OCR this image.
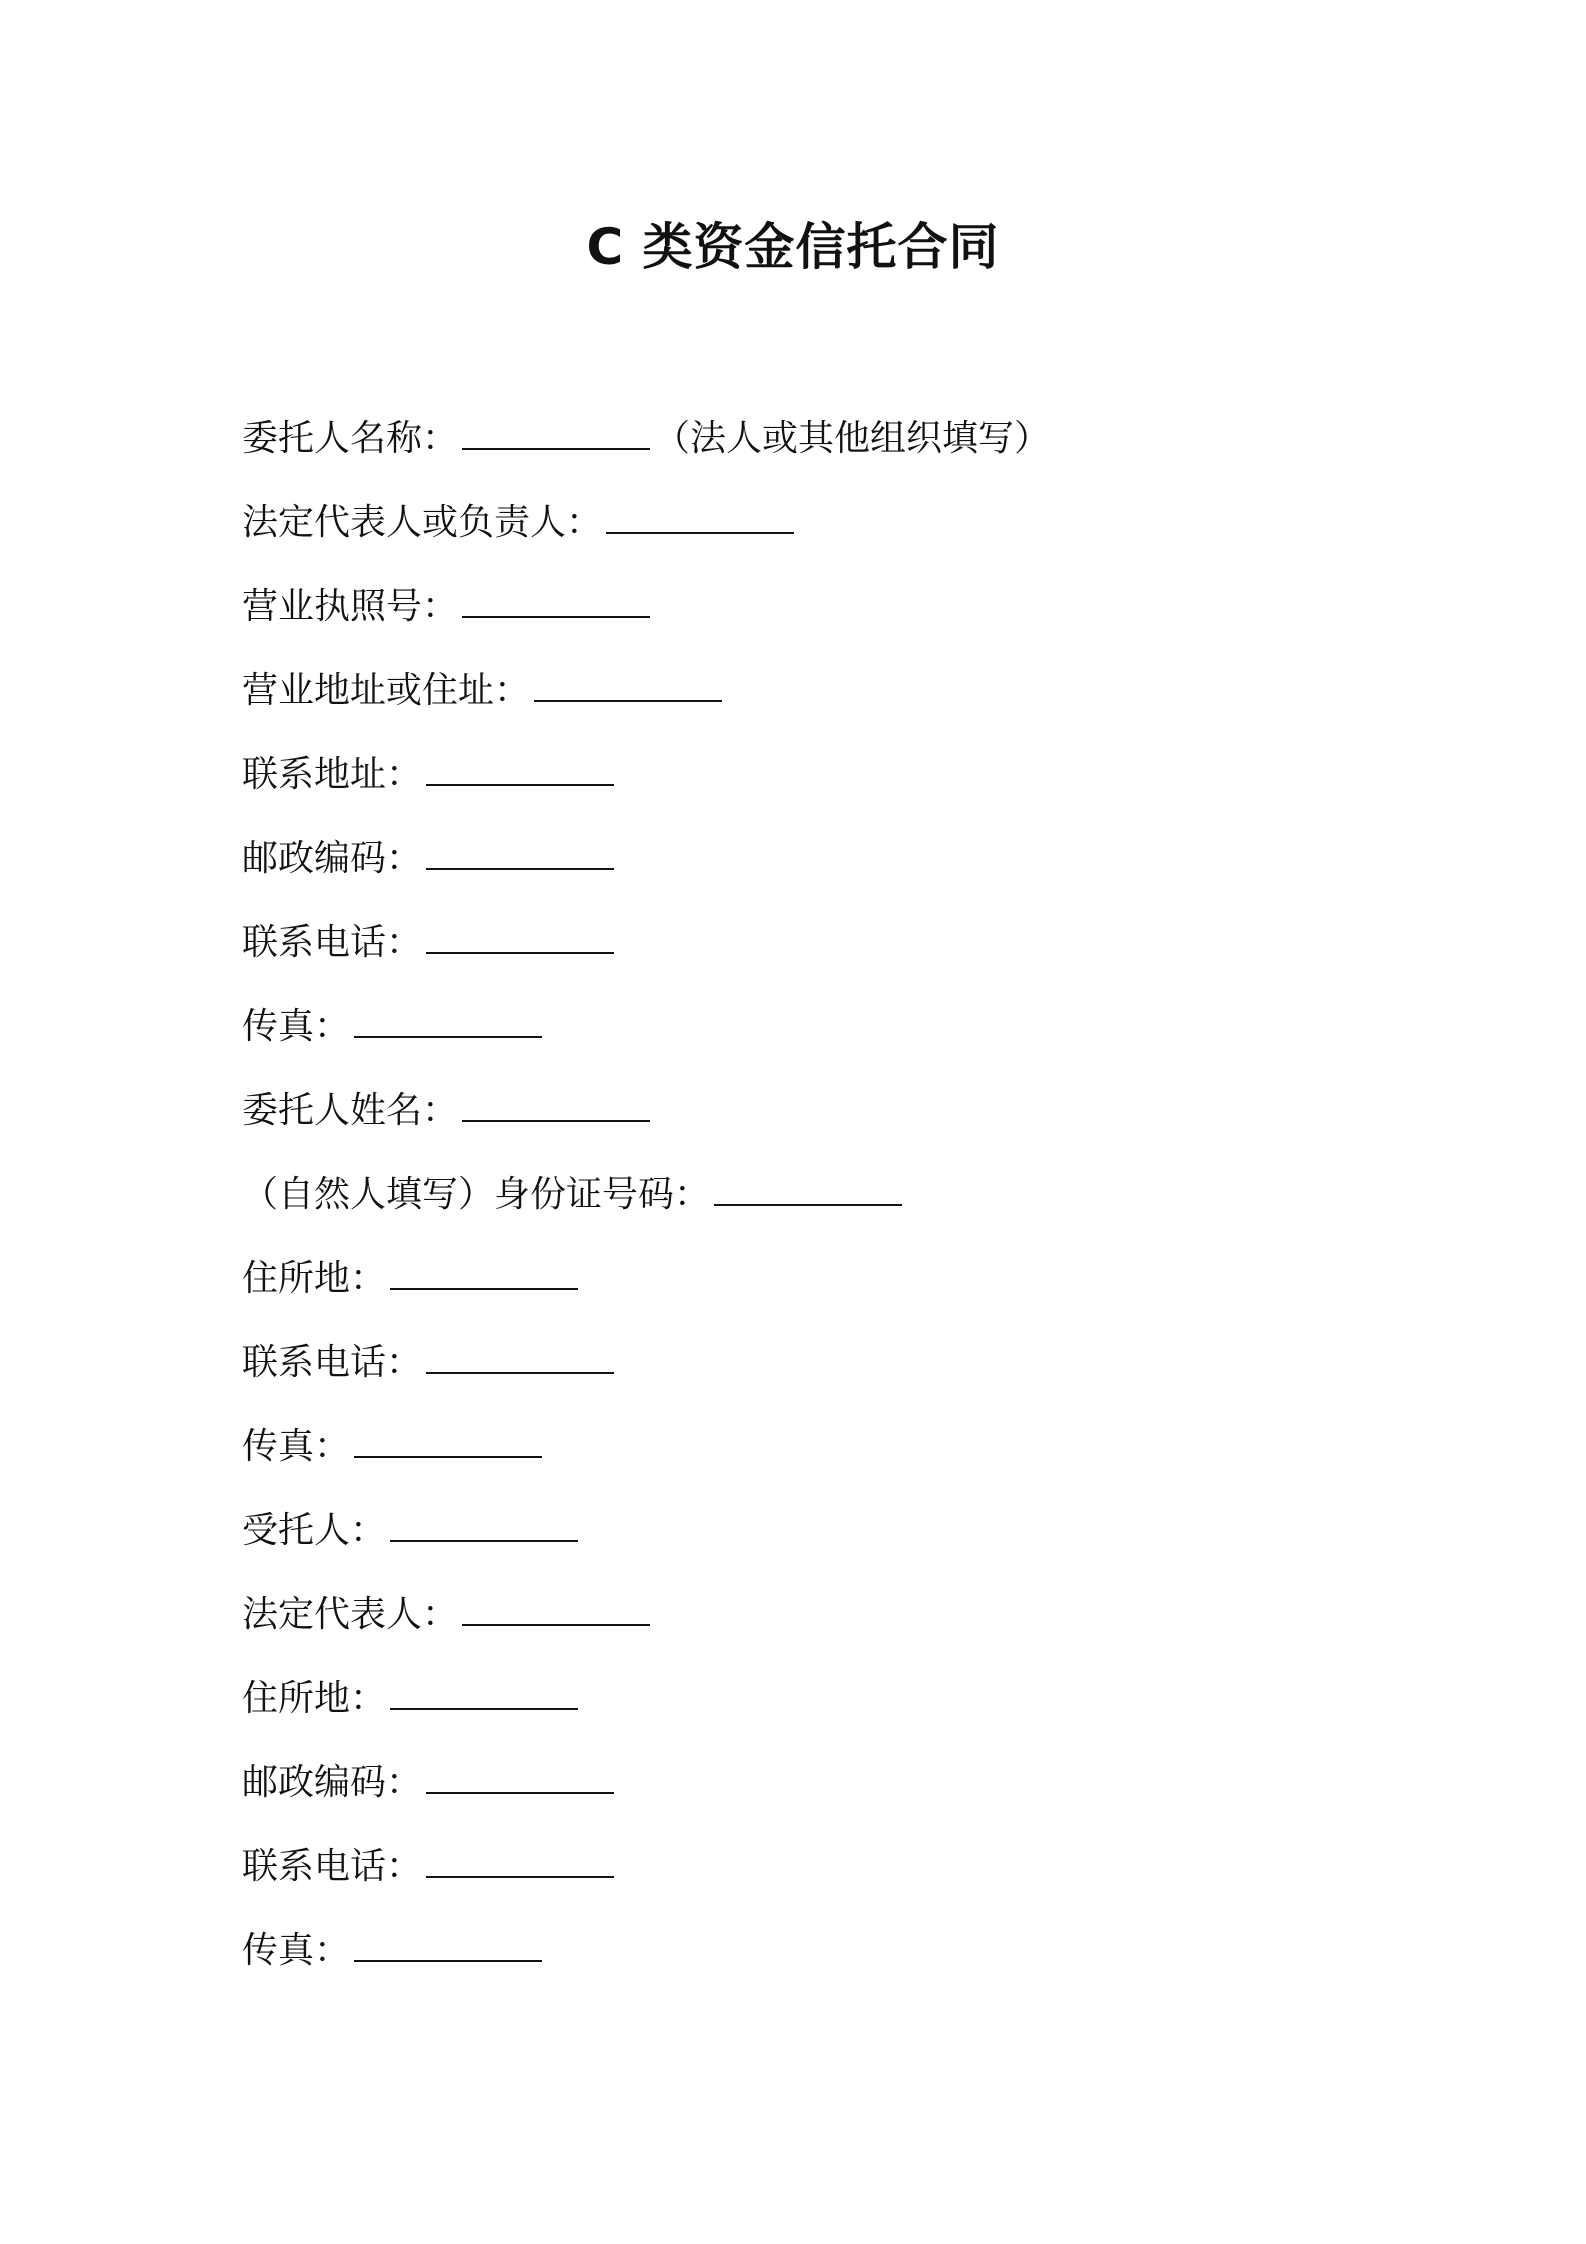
C 类资金信托合同
委托人名称：	（法人或其他组织填写）
法定代表人或负责人：
营业执照号：
营业地址或住址：
联系地址：
邮政编码：
联系电话：
传真：
委托人姓名：
（自然人填写）身份证号码：
住所地：
联系电话：
传真：
受托人：
法定代表人：
住所地：
邮政编码：
联系电话：
传真：
